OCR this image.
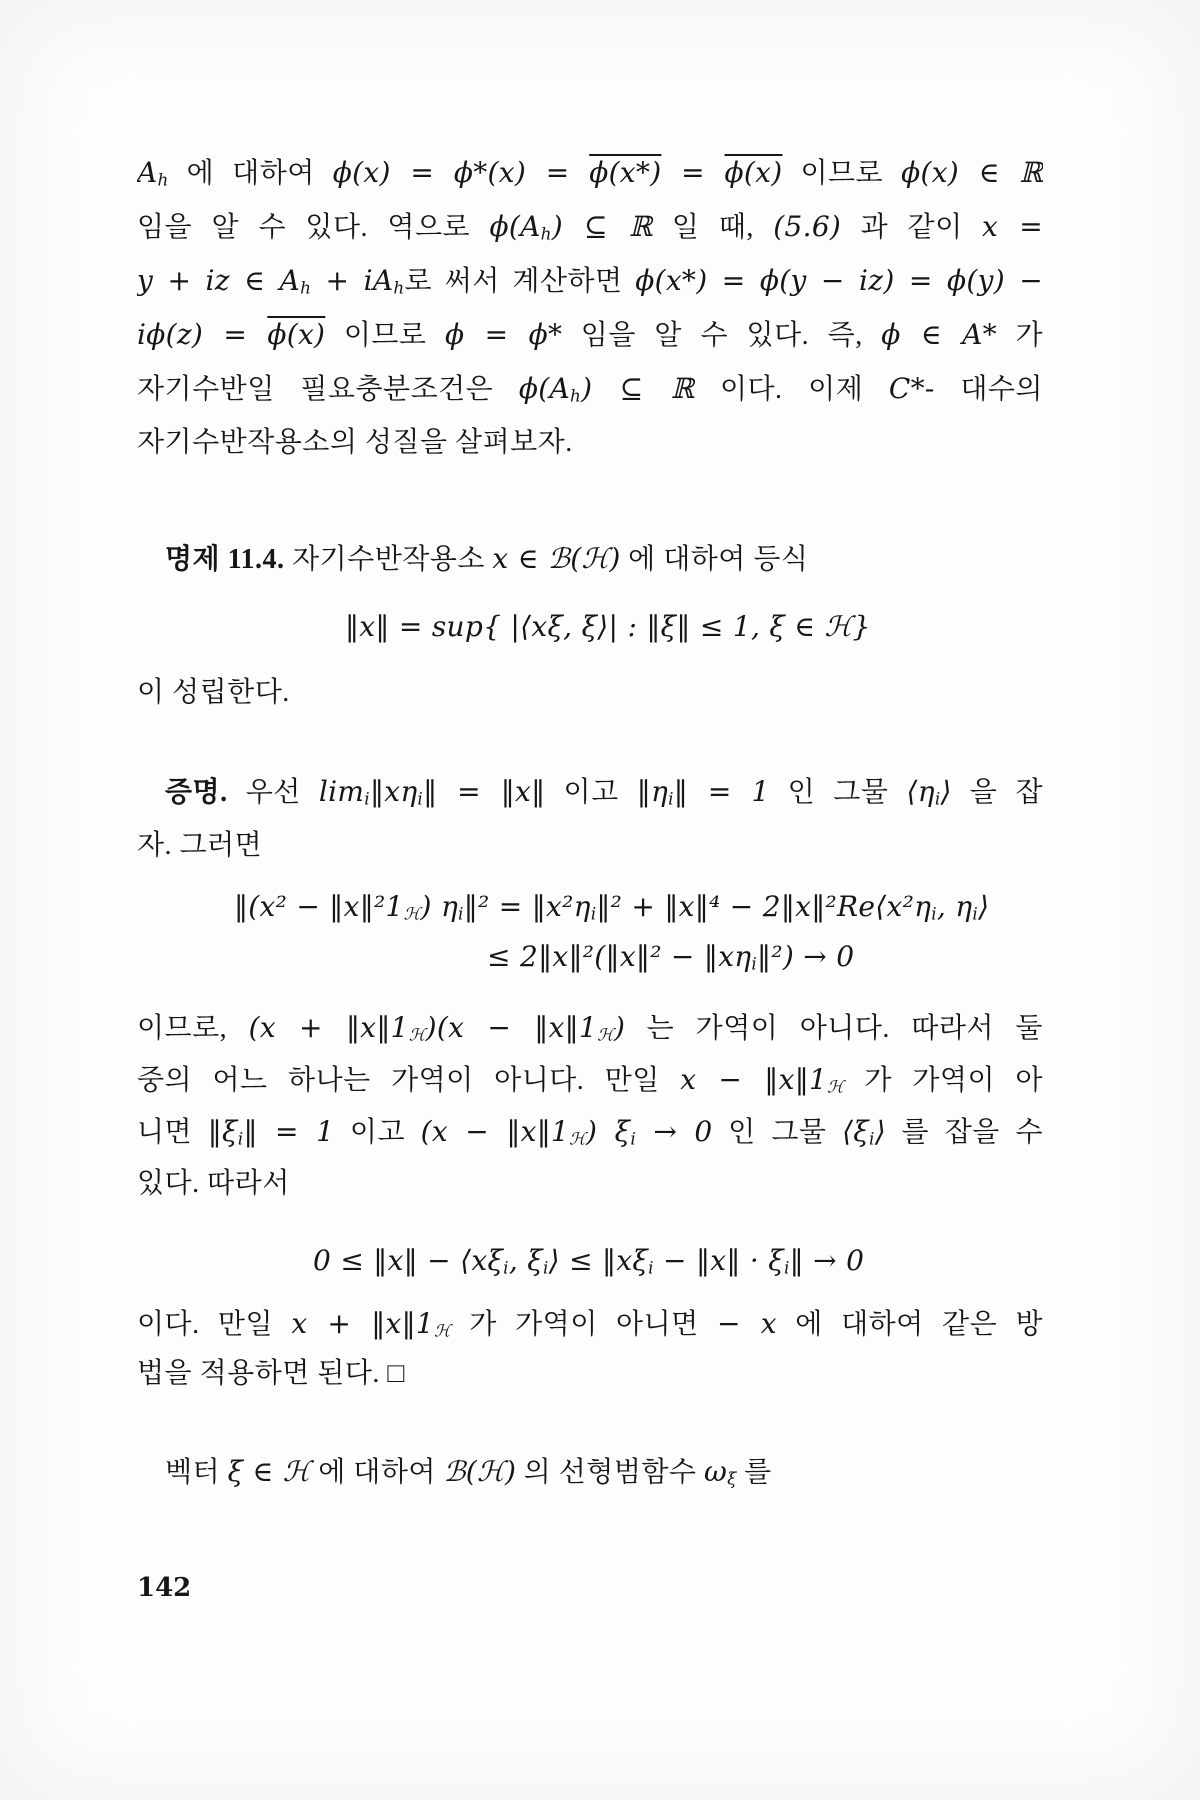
Ah 에 대하여 ϕ(x) = ϕ*(x) = ϕ(x*) = ϕ(x) 이므로 ϕ(x) ∈ ℝ
임을 알 수 있다. 역으로 ϕ(Ah) ⊆ ℝ 일 때, (5.6) 과 같이 x =
y + iz ∈ Ah + iAh로 써서 계산하면 ϕ(x*) = ϕ(y − iz) = ϕ(y) −
iϕ(z) = ϕ(x) 이므로 ϕ = ϕ* 임을 알 수 있다. 즉, ϕ ∈ A* 가
자기수반일 필요충분조건은 ϕ(Ah) ⊆ ℝ 이다. 이제 C*- 대수의
자기수반작용소의 성질을 살펴보자.
명제 11.4. 자기수반작용소 x ∈ ℬ(ℋ) 에 대하여 등식
‖x‖ = sup{ |⟨xξ, ξ⟩| : ‖ξ‖ ≤ 1, ξ ∈ ℋ}
이 성립한다.
증명. 우선 limi‖xηi‖ = ‖x‖ 이고 ‖ηi‖ = 1 인 그물 ⟨ηi⟩ 을 잡
자. 그러면
‖(x² − ‖x‖²1ℋ) ηi‖² = ‖x²ηi‖² + ‖x‖⁴ − 2‖x‖²Re⟨x²ηi, ηi⟩
≤ 2‖x‖²(‖x‖² − ‖xηi‖²) → 0
이므로, (x + ‖x‖1ℋ)(x − ‖x‖1ℋ) 는 가역이 아니다. 따라서 둘
중의 어느 하나는 가역이 아니다. 만일 x − ‖x‖1ℋ 가 가역이 아
니면 ‖ξi‖ = 1 이고 (x − ‖x‖1ℋ) ξi → 0 인 그물 ⟨ξi⟩ 를 잡을 수
있다. 따라서
0 ≤ ‖x‖ − ⟨xξi, ξi⟩ ≤ ‖xξi − ‖x‖ · ξi‖ → 0
이다. 만일 x + ‖x‖1ℋ 가 가역이 아니면 − x 에 대하여 같은 방
법을 적용하면 된다. □
벡터 ξ ∈ ℋ 에 대하여 ℬ(ℋ) 의 선형범함수 ωξ 를
142
